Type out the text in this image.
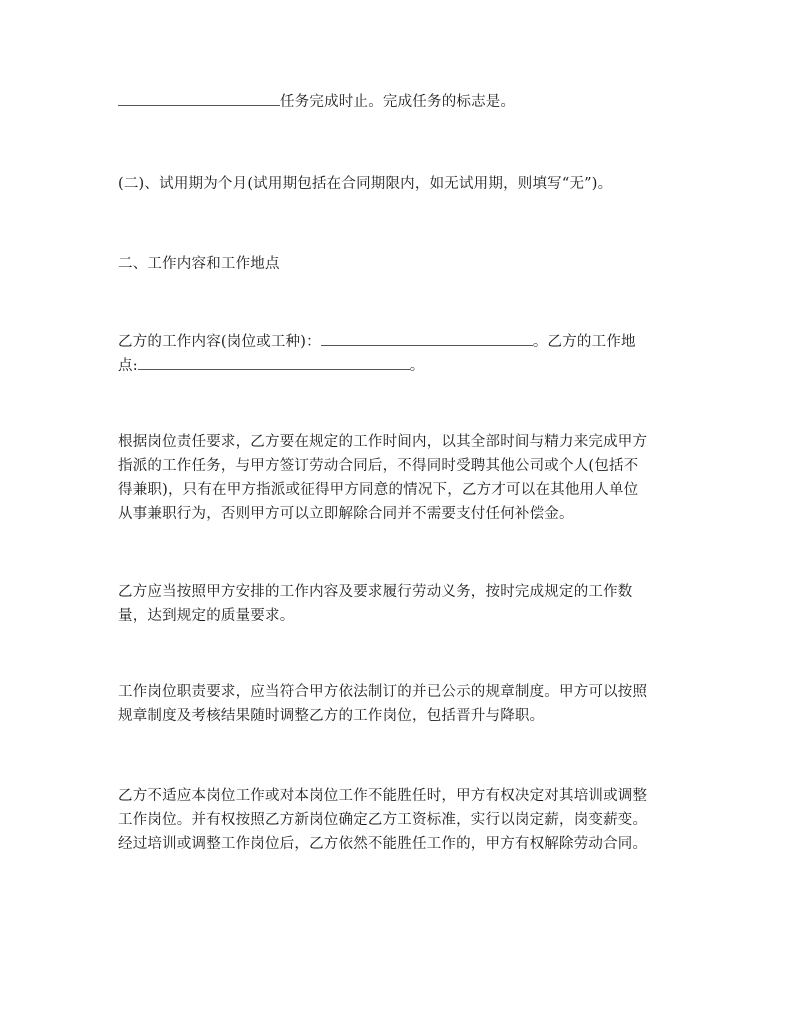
任务完成时止。完成任务的标志是。
(二)、试用期为个月(试用期包括在合同期限内，如无试用期，则填写“无”)。
二、工作内容和工作地点
乙方的工作内容(岗位或工种)：	。乙方的工作地
点:	。
根据岗位责任要求，乙方要在规定的工作时间内，以其全部时间与精力来完成甲方
指派的工作任务，与甲方签订劳动合同后，不得同时受聘其他公司或个人(包括不
得兼职)，只有在甲方指派或征得甲方同意的情况下，乙方才可以在其他用人单位
从事兼职行为，否则甲方可以立即解除合同并不需要支付任何补偿金。
乙方应当按照甲方安排的工作内容及要求履行劳动义务，按时完成规定的工作数
量，达到规定的质量要求。
工作岗位职责要求，应当符合甲方依法制订的并已公示的规章制度。甲方可以按照
规章制度及考核结果随时调整乙方的工作岗位，包括晋升与降职。
乙方不适应本岗位工作或对本岗位工作不能胜任时，甲方有权决定对其培训或调整
工作岗位。并有权按照乙方新岗位确定乙方工资标准，实行以岗定薪，岗变薪变。
经过培训或调整工作岗位后，乙方依然不能胜任工作的，甲方有权解除劳动合同。
